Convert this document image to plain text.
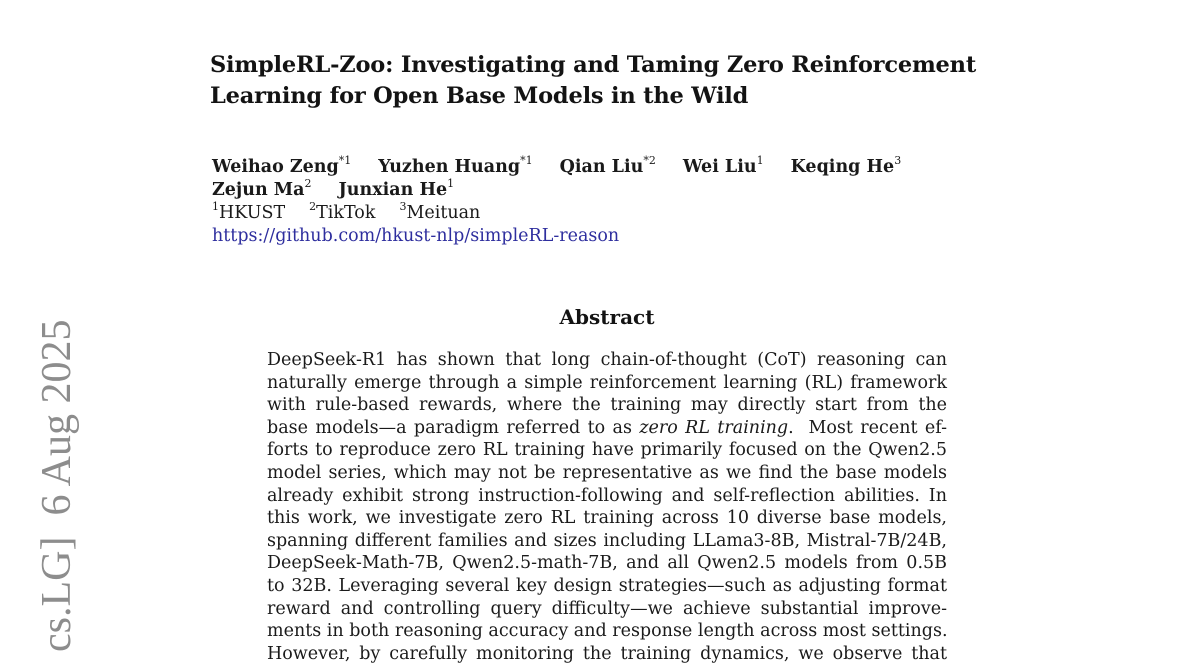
cs.LG]  6 Aug 2025
SimpleRL-Zoo: Investigating and Taming Zero Reinforcement
Learning for Open Base Models in the Wild
Weihao Zeng$^{*1}$ Yuzhen Huang$^{*1}$ Qian Liu$^{*2}$ Wei Liu$^1$ Keqing He$^3$
Zejun Ma$^2$ Junxian He$^1$
$^1$HKUST $^2$TikTok $^3$Meituan
https://github.com/hkust-nlp/simpleRL-reason
Abstract
DeepSeek-R1 has shown that long chain-of-thought (CoT) reasoning can
naturally emerge through a simple reinforcement learning (RL) framework
with rule-based rewards, where the training may directly start from the
base models—a paradigm referred to as zero RL training.  Most recent ef-
forts to reproduce zero RL training have primarily focused on the Qwen2.5
model series, which may not be representative as we find the base models
already exhibit strong instruction-following and self-reflection abilities. In
this work, we investigate zero RL training across 10 diverse base models,
spanning different families and sizes including LLama3-8B, Mistral-7B/24B,
DeepSeek-Math-7B, Qwen2.5-math-7B, and all Qwen2.5 models from 0.5B
to 32B. Leveraging several key design strategies—such as adjusting format
reward and controlling query difficulty—we achieve substantial improve-
ments in both reasoning accuracy and response length across most settings.
However, by carefully monitoring the training dynamics, we observe that
